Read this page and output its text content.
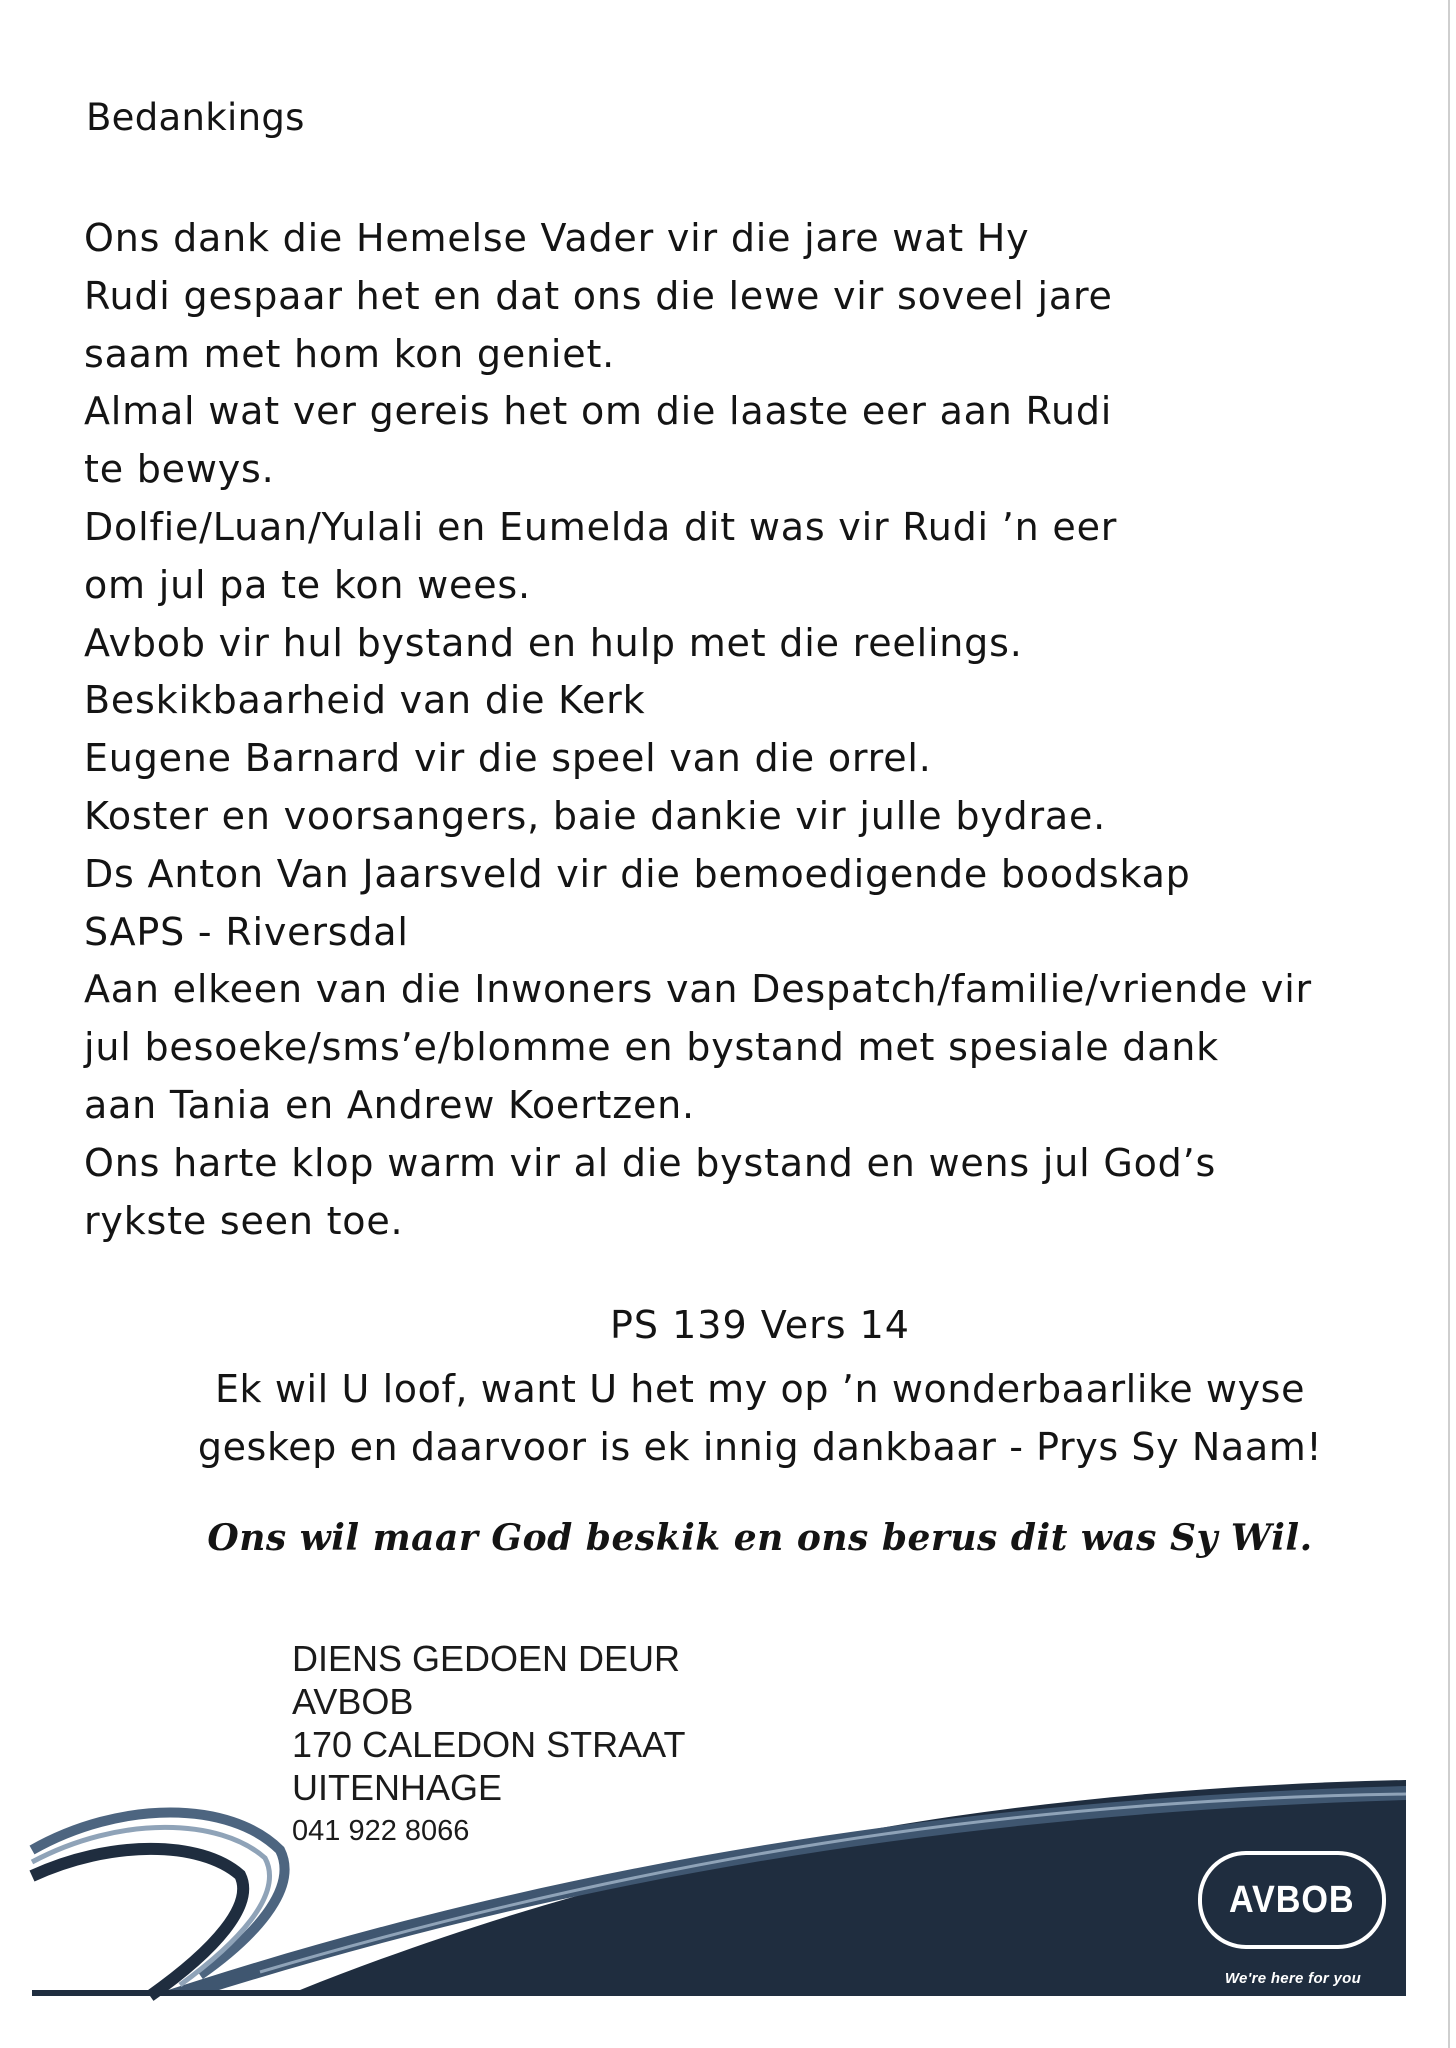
Bedankings
Ons dank die Hemelse Vader vir die jare wat Hy
Rudi gespaar het en dat ons die lewe vir soveel jare
saam met hom kon geniet.
Almal wat ver gereis het om die laaste eer aan Rudi
te bewys.
Dolfie/Luan/Yulali en Eumelda dit was vir Rudi ’n eer
om jul pa te kon wees.
Avbob vir hul bystand en hulp met die reelings.
Beskikbaarheid van die Kerk
Eugene Barnard vir die speel van die orrel.
Koster en voorsangers, baie dankie vir julle bydrae.
Ds Anton Van Jaarsveld vir die bemoedigende boodskap
SAPS - Riversdal
Aan elkeen van die Inwoners van Despatch/familie/vriende vir
jul besoeke/sms’e/blomme en bystand met spesiale dank
aan Tania en Andrew Koertzen.
Ons harte klop warm vir al die bystand en wens jul God’s
rykste seen toe.
PS 139 Vers 14
Ek wil U loof, want U het my op ’n wonderbaarlike wyse
geskep en daarvoor is ek innig dankbaar - Prys Sy Naam!
Ons wil maar God beskik en ons berus dit was Sy Wil.
AVBOB
We're here for you
DIENS GEDOEN DEUR
AVBOB
170 CALEDON STRAAT
UITENHAGE
041 922 8066
